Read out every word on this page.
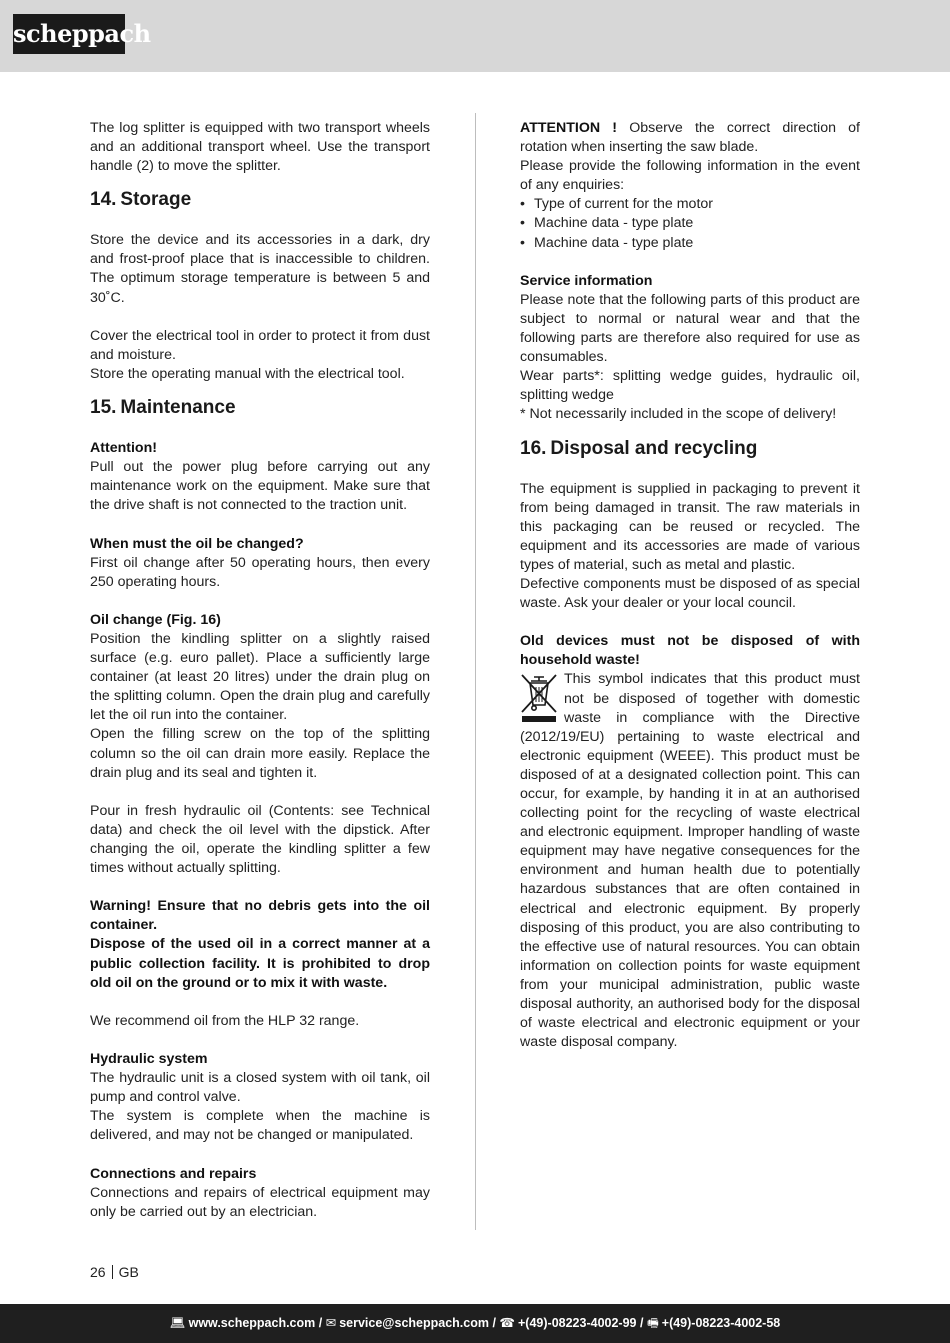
scheppach

The log splitter is equipped with two transport wheels and an additional transport wheel. Use the transport handle (2) to move the splitter.

14. Storage

Store the device and its accessories in a dark, dry and frost-proof place that is inaccessible to children. The optimum storage temperature is between 5 and 30˚C.

Cover the electrical tool in order to protect it from dust and moisture.

Store the operating manual with the electrical tool.

15. Maintenance

Attention!

Pull out the power plug before carrying out any maintenance work on the equipment. Make sure that the drive shaft is not connected to the traction unit.

When must the oil be changed?

First oil change after 50 operating hours, then every 250 operating hours.

Oil change (Fig. 16)

Position the kindling splitter on a slightly raised surface (e.g. euro pallet). Place a sufficiently large container (at least 20 litres) under the drain plug on the splitting column. Open the drain plug and carefully let the oil run into the container.

Open the filling screw on the top of the splitting column so the oil can drain more easily. Replace the drain plug and its seal and tighten it.

Pour in fresh hydraulic oil (Contents: see Technical data) and check the oil level with the dipstick. After changing the oil, operate the kindling splitter a few times without actually splitting.

Warning! Ensure that no debris gets into the oil container.

Dispose of the used oil in a correct manner at a public collection facility. It is prohibited to drop old oil on the ground or to mix it with waste.

We recommend oil from the HLP 32 range.

Hydraulic system

The hydraulic unit is a closed system with oil tank, oil pump and control valve.

The system is complete when the machine is delivered, and may not be changed or manipulated.

Connections and repairs

Connections and repairs of electrical equipment may only be carried out by an electrician.

ATTENTION ! Observe the correct direction of rotation when inserting the saw blade.

Please provide the following information in the event of any enquiries:

• Type of current for the motor
• Machine data - type plate
• Machine data - type plate

Service information

Please note that the following parts of this product are subject to normal or natural wear and that the following parts are therefore also required for use as consumables.

Wear parts*: splitting wedge guides, hydraulic oil, splitting wedge

* Not necessarily included in the scope of delivery!

16. Disposal and recycling

The equipment is supplied in packaging to prevent it from being damaged in transit. The raw materials in this packaging can be reused or recycled. The equipment and its accessories are made of various types of material, such as metal and plastic.

Defective components must be disposed of as special waste. Ask your dealer or your local council.

Old devices must not be disposed of with household waste!

This symbol indicates that this product must not be disposed of together with domestic waste in compliance with the Directive (2012/19/EU) pertaining to waste electrical and electronic equipment (WEEE). This product must be disposed of at a designated collection point. This can occur, for example, by handing it in at an authorised collecting point for the recycling of waste electrical and electronic equipment. Improper handling of waste equipment may have negative consequences for the environment and human health due to potentially hazardous substances that are often contained in electrical and electronic equipment. By properly disposing of this product, you are also contributing to the effective use of natural resources. You can obtain information on collection points for waste equipment from your municipal administration, public waste disposal authority, an authorised body for the disposal of waste electrical and electronic equipment or your waste disposal company.

26 GB
💻︎ www.scheppach.com / ✉︎ service@scheppach.com / ☎︎ +(49)-08223-4002-99 / 🖷︎ +(49)-08223-4002-58
